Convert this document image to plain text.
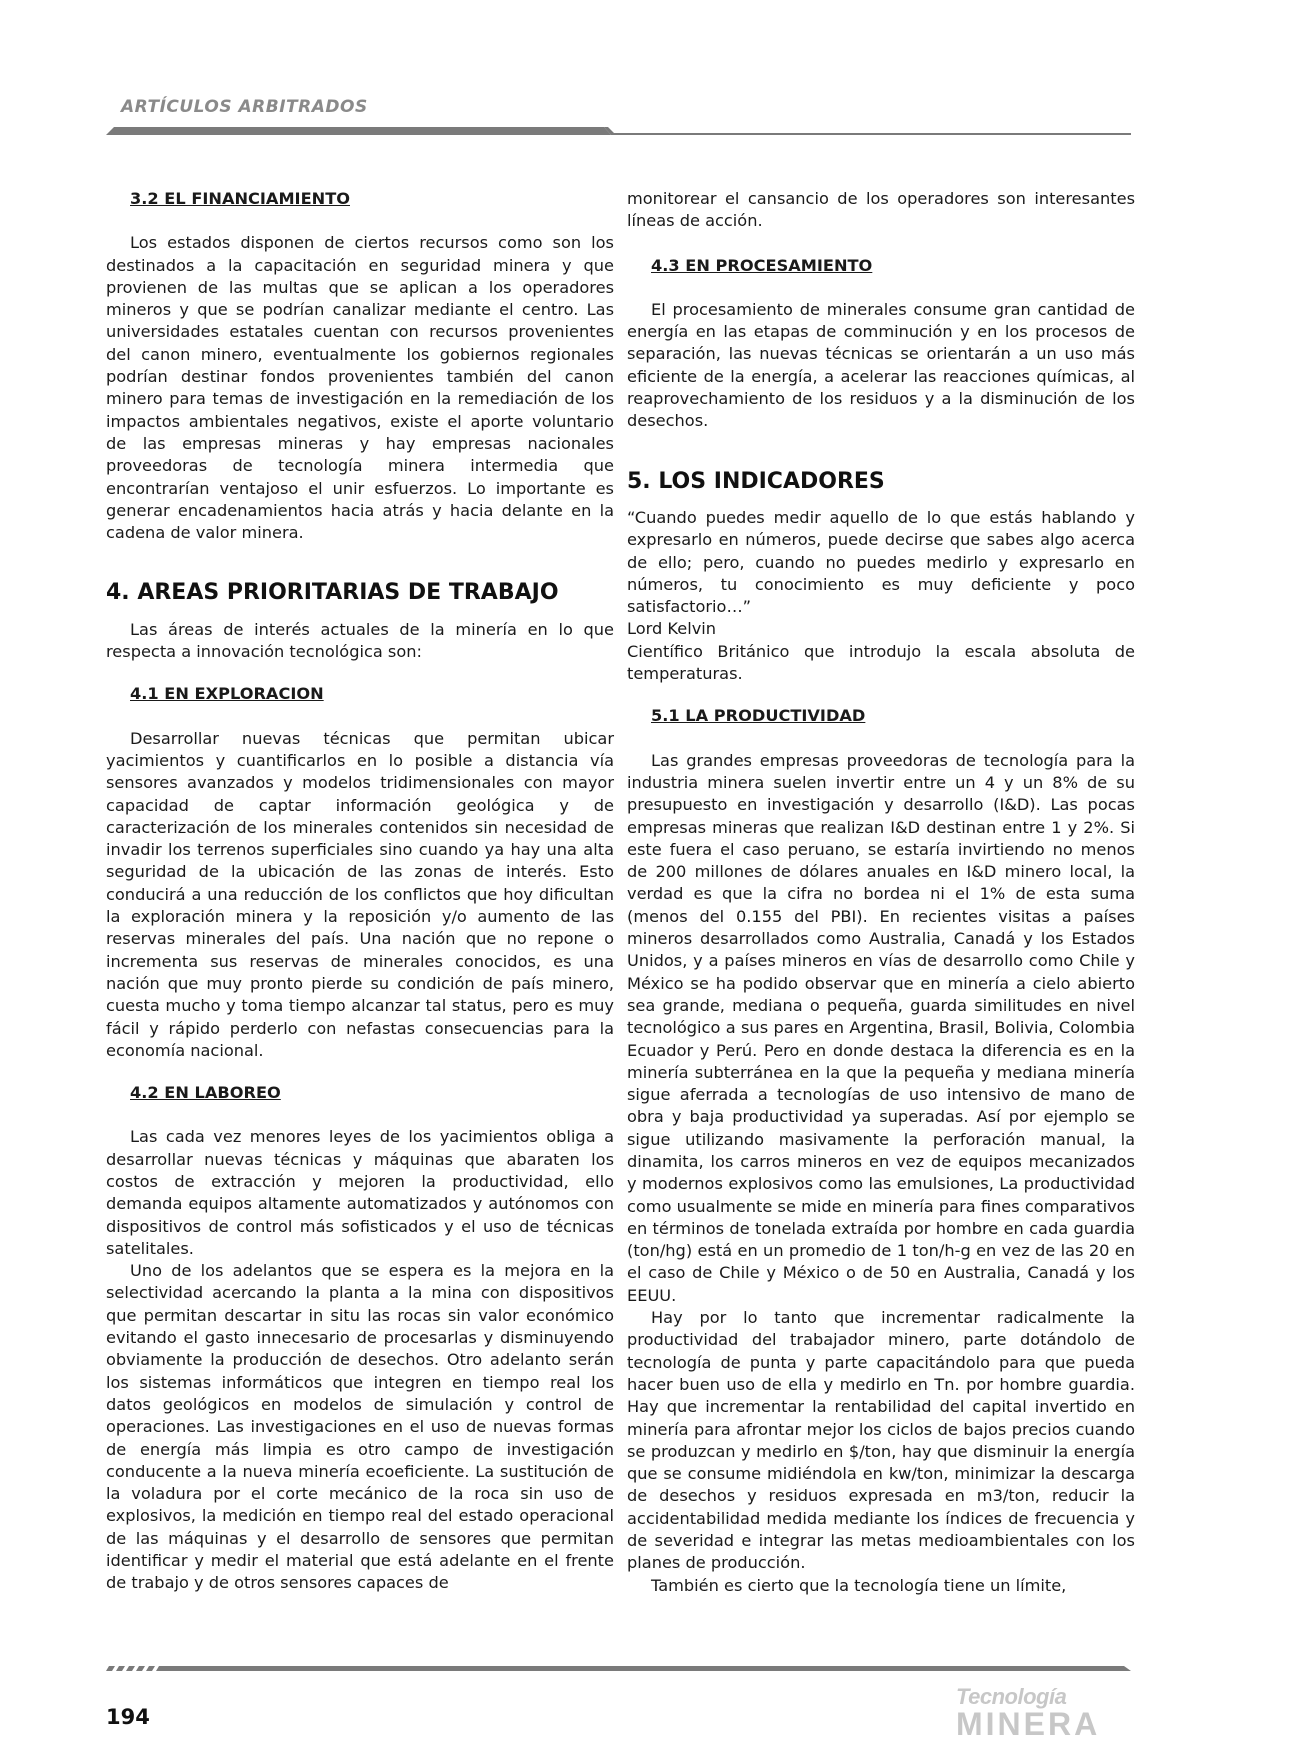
ARTÍCULOS ARBITRADOS
3.2 EL FINANCIAMIENTO

Los estados disponen de ciertos recursos como son los destinados a la capacitación en seguridad minera y que provienen de las multas que se aplican a los operadores mineros y que se podrían canalizar mediante el centro. Las universidades estatales cuentan con recursos provenientes del canon minero, eventualmente los gobiernos regionales podrían destinar fondos provenientes también del canon minero para temas de investigación en la remediación de los impactos ambientales negativos, existe el aporte voluntario de las empresas mineras y hay empresas nacionales proveedoras de tecnología minera intermedia que encontrarían ventajoso el unir esfuerzos. Lo importante es generar encadenamientos hacia atrás y hacia delante en la cadena de valor minera.

4. AREAS PRIORITARIAS DE TRABAJO

Las áreas de interés actuales de la minería en lo que respecta a innovación tecnológica son:

4.1 EN EXPLORACION

Desarrollar nuevas técnicas que permitan ubicar yacimientos y cuantificarlos en lo posible a distancia vía sensores avanzados y modelos tridimensionales con mayor capacidad de captar información geológica y de caracterización de los minerales contenidos sin necesidad de invadir los terrenos superficiales sino cuando ya hay una alta seguridad de la ubicación de las zonas de interés. Esto conducirá a una reducción de los conflictos que hoy dificultan la exploración minera y la reposición y/o aumento de las reservas minerales del país. Una nación que no repone o incrementa sus reservas de minerales conocidos, es una nación que muy pronto pierde su condición de país minero, cuesta mucho y toma tiempo alcanzar tal status, pero es muy fácil y rápido perderlo con nefastas consecuencias para la economía nacional.

4.2 EN LABOREO

Las cada vez menores leyes de los yacimientos obliga a desarrollar nuevas técnicas y máquinas que abaraten los costos de extracción y mejoren la productividad, ello demanda equipos altamente automatizados y autónomos con dispositivos de control más sofisticados y el uso de técnicas satelitales.

Uno de los adelantos que se espera es la mejora en la selectividad acercando la planta a la mina con dispositivos que permitan descartar in situ las rocas sin valor económico evitando el gasto innecesario de procesarlas y disminuyendo obviamente la producción de desechos. Otro adelanto serán los sistemas informáticos que integren en tiempo real los datos geológicos en modelos de simulación y control de operaciones. Las investigaciones en el uso de nuevas formas de energía más limpia es otro campo de investigación conducente a la nueva minería ecoeficiente. La sustitución de la voladura por el corte mecánico de la roca sin uso de explosivos, la medición en tiempo real del estado operacional de las máquinas y el desarrollo de sensores que permitan identificar y medir el material que está adelante en el frente de trabajo y de otros sensores capaces de

monitorear el cansancio de los operadores son interesantes líneas de acción.

4.3 EN PROCESAMIENTO

El procesamiento de minerales consume gran cantidad de energía en las etapas de comminución y en los procesos de separación, las nuevas técnicas se orientarán a un uso más eficiente de la energía, a acelerar las reacciones químicas, al reaprovechamiento de los residuos y a la disminución de los desechos.

5. LOS INDICADORES

“Cuando puedes medir aquello de lo que estás hablando y expresarlo en números, puede decirse que sabes algo acerca de ello; pero, cuando no puedes medirlo y expresarlo en números, tu conocimiento es muy deficiente y poco satisfactorio…”

Lord Kelvin

Científico Británico que introdujo la escala absoluta de temperaturas.

5.1 LA PRODUCTIVIDAD

Las grandes empresas proveedoras de tecnología para la industria minera suelen invertir entre un 4 y un 8% de su presupuesto en investigación y desarrollo (I&D). Las pocas empresas mineras que realizan I&D destinan entre 1 y 2%. Si este fuera el caso peruano, se estaría invirtiendo no menos de 200 millones de dólares anuales en I&D minero local, la verdad es que la cifra no bordea ni el 1% de esta suma (menos del 0.155 del PBI). En recientes visitas a países mineros desarrollados como Australia, Canadá y los Estados Unidos, y a países mineros en vías de desarrollo como Chile y México se ha podido observar que en minería a cielo abierto sea grande, mediana o pequeña, guarda similitudes en nivel tecnológico a sus pares en Argentina, Brasil, Bolivia, Colombia Ecuador y Perú. Pero en donde destaca la diferencia es en la minería subterránea en la que la pequeña y mediana minería sigue aferrada a tecnologías de uso intensivo de mano de obra y baja productividad ya superadas. Así por ejemplo se sigue utilizando masivamente la perforación manual, la dinamita, los carros mineros en vez de equipos mecanizados y modernos explosivos como las emulsiones, La productividad como usualmente se mide en minería para fines comparativos en términos de tonelada extraída por hombre en cada guardia (ton/hg) está en un promedio de 1 ton/h-g en vez de las 20 en el caso de Chile y México o de 50 en Australia, Canadá y los EEUU.

Hay por lo tanto que incrementar radicalmente la productividad del trabajador minero, parte dotándolo de tecnología de punta y parte capacitándolo para que pueda hacer buen uso de ella y medirlo en Tn. por hombre guardia. Hay que incrementar la rentabilidad del capital invertido en minería para afrontar mejor los ciclos de bajos precios cuando se produzcan y medirlo en $/ton, hay que disminuir la energía que se consume midiéndola en kw/ton, minimizar la descarga de desechos y residuos expresada en m3/ton, reducir la accidentabilidad medida mediante los índices de frecuencia y de severidad e integrar las metas medioambientales con los planes de producción.

También es cierto que la tecnología tiene un límite,

194
Tecnología
MINERA
